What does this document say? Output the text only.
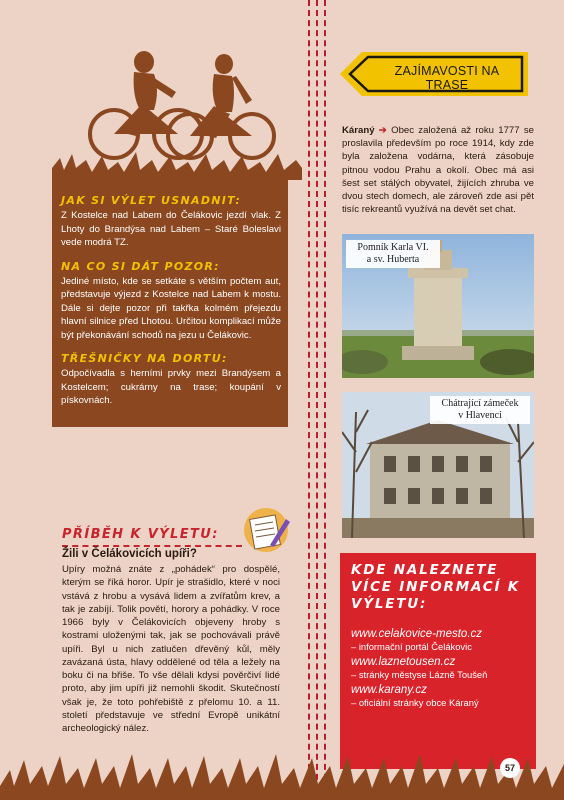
JAK SI VÝLET USNADNIT:
Z Kostelce nad Labem do Čelákovic jezdí vlak. Z Lhoty do Brandýsa nad Labem – Staré Boleslavi vede modrá TZ.
NA CO SI DÁT POZOR:
Jediné místo, kde se setkáte s větším počtem aut, představuje výjezd z Kostelce nad Labem k mostu. Dále si dejte pozor při takřka kolmém přejezdu hlavní silnice před Lhotou. Určitou komplikací může být překonávání schodů na jezu u Čelákovic.
TŘEŠNIČKY NA DORTU:
Odpočívadla s herními prvky mezi Brandýsem a Kostelcem; cukrárny na trase; koupání v pískovnách.
ZAJÍMAVOSTI NA TRASE
Káraný ➔ Obec založená až roku 1777 se proslavila především po roce 1914, kdy zde byla založena vodárna, která zásobuje pitnou vodou Prahu a okolí. Obec má asi šest set stálých obyvatel, žijících zhruba ve dvou stech domech, ale zároveň zde asi pět tisíc rekreantů využívá na devět set chat.
Pomník Karla VI.
a sv. Huberta
Chátrající zámeček
v Hlavenci
PŘÍBĚH K VÝLETU:
Žili v Čelákovicích upíři?
Upíry možná znáte z „pohádek“ pro dospělé, kterým se říká horor. Upír je strašidlo, které v noci vstává z hrobu a vysává lidem a zvířatům krev, a tak je zabíjí. Tolik povětí, horory a pohádky. V roce 1966 byly v Čelákovicích objeveny hroby s kostrami uloženými tak, jak se pochovávali právě upíři. Byl u nich zatlučen dřevěný kůl, měly zavázaná ústa, hlavy oddělené od těla a ležely na boku či na břiše. To vše dělali kdysi pověrčiví lidé proto, aby jim upíři již nemohli škodit. Skutečností však je, že toto pohřebiště z přelomu 10. a 11. století představuje ve střední Evropě unikátní archeologický nález.
KDE NALEZNETE VÍCE INFORMACÍ K VÝLETU:
www.celakovice-mesto.cz
– informační portál Čelákovic
www.laznetousen.cz
– stránky městyse Lázně Toušeň
www.karany.cz
– oficiální stránky obce Káraný
57
